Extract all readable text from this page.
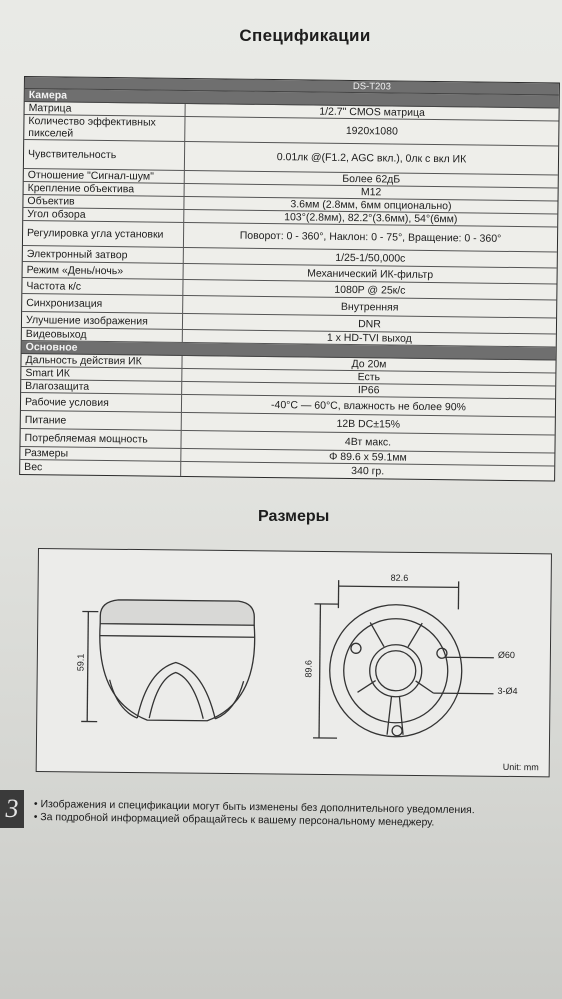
Спецификации
DS-T203
Камера
Матрица	1/2.7" CMOS матрица
Количество эффективных пикселей	1920x1080
Чувствительность	0.01лк @(F1.2, AGC вкл.), 0лк с вкл ИК
Отношение "Сигнал-шум"	Более 62дБ
Крепление объектива	M12
Объектив	3.6мм (2.8мм, 6мм опционально)
Угол обзора	103°(2.8мм), 82.2°(3.6мм), 54°(6мм)
Регулировка угла установки	Поворот: 0 - 360°, Наклон: 0 - 75°, Вращение: 0 - 360°
Электронный затвор	1/25-1/50,000с
Режим «День/ночь»	Механический ИК-фильтр
Частота к/с	1080P @ 25к/с
Синхронизация	Внутренняя
Улучшение изображения	DNR
Видеовыход	1 x HD-TVI выход
Основное
Дальность действия ИК	До 20м
Smart ИК	Есть
Влагозащита	IP66
Рабочие условия	-40°C — 60°C, влажность не более 90%
Питание	12В DC±15%
Потребляемая мощность	4Вт макс.
Размеры	Φ 89.6 x 59.1мм
Вес	340 гр.
Размеры
59.1	89.6
82.6
Ø60
3-Ø4
Unit: mm
3
•	Изображения и спецификации могут быть изменены без дополнительного уведомления.
• За подробной информацией обращайтесь к вашему персональному менеджеру.
